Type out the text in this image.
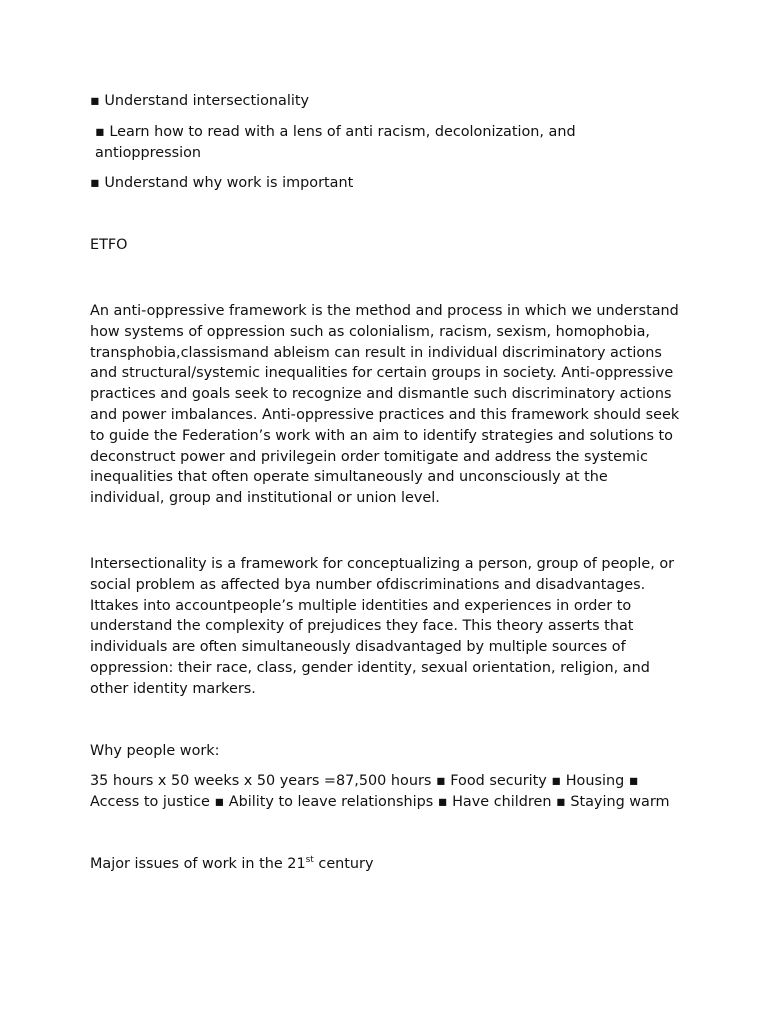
▪ Understand intersectionality

▪ Learn how to read with a lens of anti racism, decolonization, and antioppression

▪ Understand why work is important

ETFO

An anti-oppressive framework is the method and process in which we understand how systems of oppression such as colonialism, racism, sexism, homophobia, transphobia,classismand ableism can result in individual discriminatory actions and structural/systemic inequalities for certain groups in society. Anti-oppressive practices and goals seek to recognize and dismantle such discriminatory actions and power imbalances. Anti-oppressive practices and this framework should seek to guide the Federation’s work with an aim to identify strategies and solutions to deconstruct power and privilegein order tomitigate and address the systemic inequalities that often operate simultaneously and unconsciously at the individual, group and institutional or union level.

Intersectionality is a framework for conceptualizing a person, group of people, or social problem as affected bya number ofdiscriminations and disadvantages. Ittakes into accountpeople’s multiple identities and experiences in order to understand the complexity of prejudices they face. This theory asserts that individuals are often simultaneously disadvantaged by multiple sources of oppression: their race, class, gender identity, sexual orientation, religion, and other identity markers.

Why people work:

35 hours x 50 weeks x 50 years =87,500 hours ▪ Food security ▪ Housing ▪ Access to justice ▪ Ability to leave relationships ▪ Have children ▪ Staying warm

Major issues of work in the 21st century
